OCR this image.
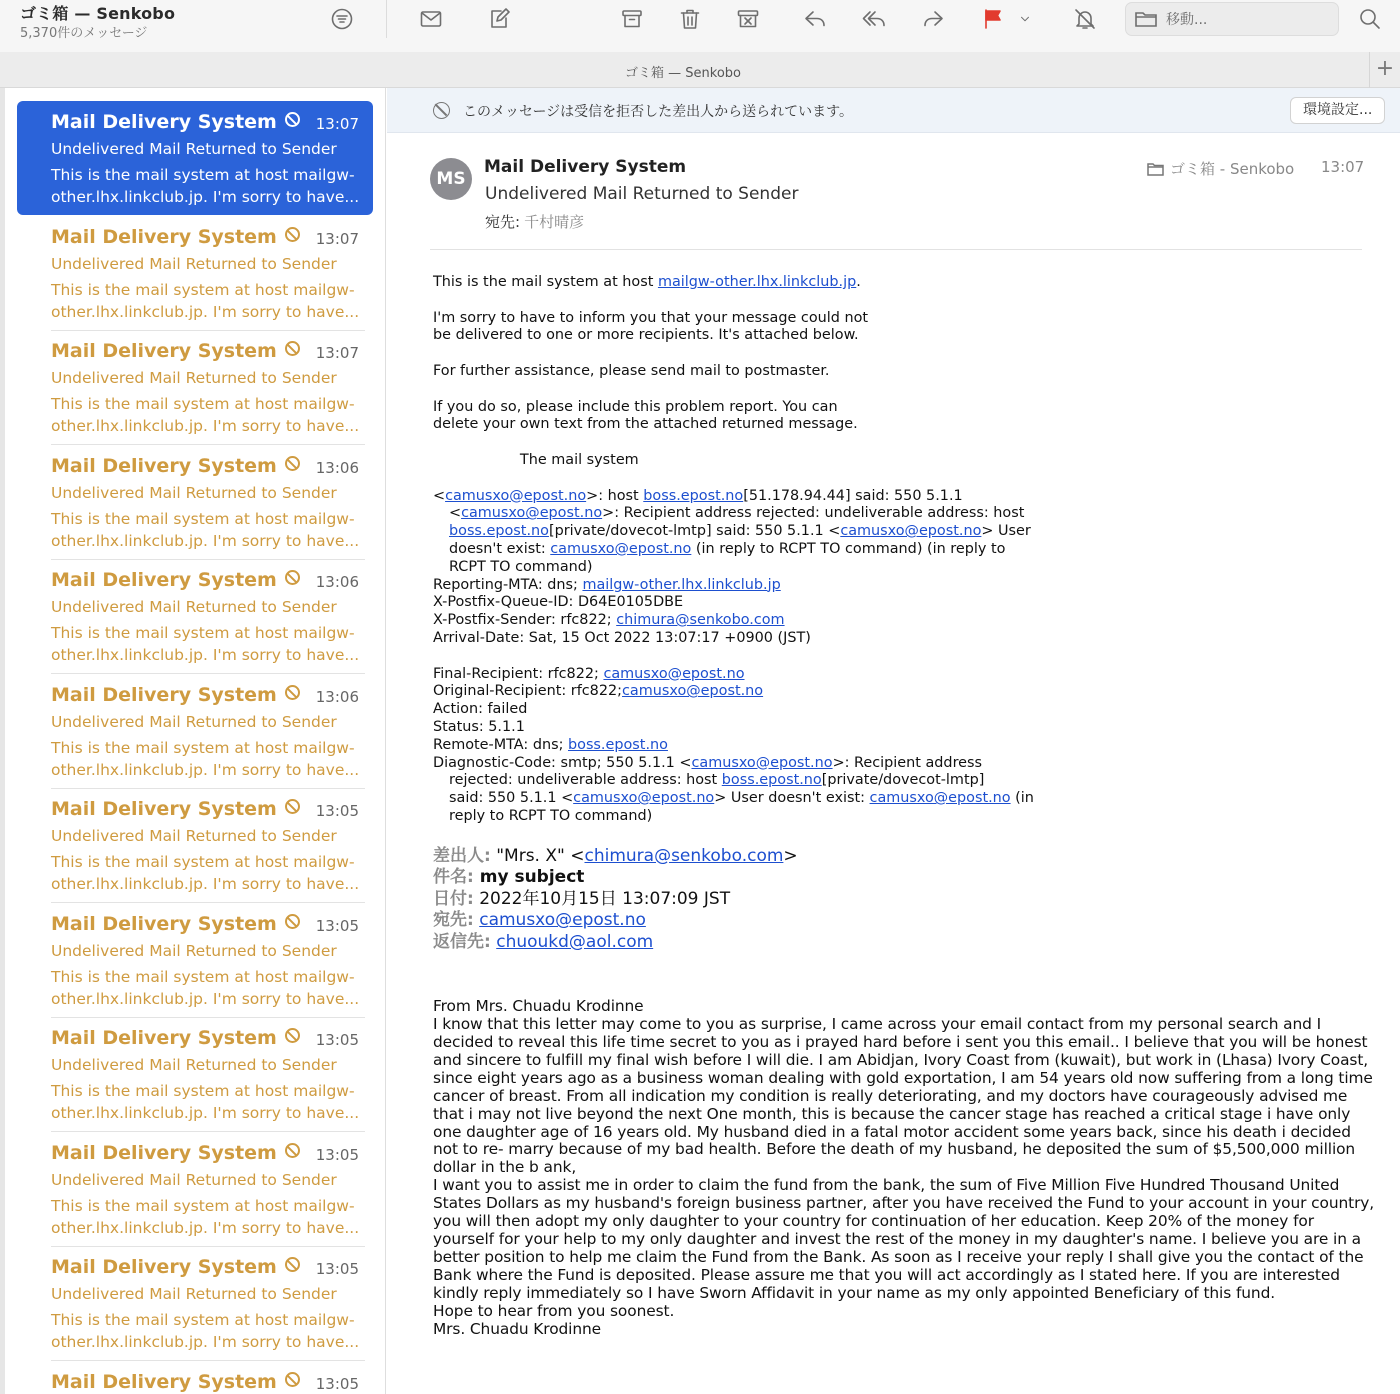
ゴミ箱 — Senkobo
5,370件のメッセージ
移動...
ゴミ箱 — Senkobo	+
Mail Delivery System	13:07
Undelivered Mail Returned to Sender
This is the mail system at host mailgw-other.lhx.linkclub.jp. I'm sorry to have...
Mail Delivery System	13:07
Undelivered Mail Returned to Sender
This is the mail system at host mailgw-other.lhx.linkclub.jp. I'm sorry to have...
Mail Delivery System	13:07
Undelivered Mail Returned to Sender
This is the mail system at host mailgw-other.lhx.linkclub.jp. I'm sorry to have...
Mail Delivery System	13:06
Undelivered Mail Returned to Sender
This is the mail system at host mailgw-other.lhx.linkclub.jp. I'm sorry to have...
Mail Delivery System	13:06
Undelivered Mail Returned to Sender
This is the mail system at host mailgw-other.lhx.linkclub.jp. I'm sorry to have...
Mail Delivery System	13:06
Undelivered Mail Returned to Sender
This is the mail system at host mailgw-other.lhx.linkclub.jp. I'm sorry to have...
Mail Delivery System	13:05
Undelivered Mail Returned to Sender
This is the mail system at host mailgw-other.lhx.linkclub.jp. I'm sorry to have...
Mail Delivery System	13:05
Undelivered Mail Returned to Sender
This is the mail system at host mailgw-other.lhx.linkclub.jp. I'm sorry to have...
Mail Delivery System	13:05
Undelivered Mail Returned to Sender
This is the mail system at host mailgw-other.lhx.linkclub.jp. I'm sorry to have...
Mail Delivery System	13:05
Undelivered Mail Returned to Sender
This is the mail system at host mailgw-other.lhx.linkclub.jp. I'm sorry to have...
Mail Delivery System	13:05
Undelivered Mail Returned to Sender
This is the mail system at host mailgw-other.lhx.linkclub.jp. I'm sorry to have...
Mail Delivery System	13:05
このメッセージは受信を拒否した差出人から送られています。	環境設定...
MS
Mail Delivery System
Undelivered Mail Returned to Sender
宛先: 千村晴彦
ゴミ箱 - Senkobo 13:07

This is the mail system at host mailgw-other.lhx.linkclub.jp.

I'm sorry to have to inform you that your message could not
be delivered to one or more recipients. It's attached below.

For further assistance, please send mail to postmaster.

If you do so, please include this problem report. You can
delete your own text from the attached returned message.

The mail system

<camusxo@epost.no>: host boss.epost.no[51.178.94.44] said: 550 5.1.1

<camusxo@epost.no>: Recipient address rejected: undeliverable address: host

boss.epost.no[private/dovecot-lmtp] said: 550 5.1.1 <camusxo@epost.no> User

doesn't exist: camusxo@epost.no (in reply to RCPT TO command) (in reply to

RCPT TO command)

Reporting-MTA: dns; mailgw-other.lhx.linkclub.jp

X-Postfix-Queue-ID: D64E0105DBE

X-Postfix-Sender: rfc822; chimura@senkobo.com

Arrival-Date: Sat, 15 Oct 2022 13:07:17 +0900 (JST)

Final-Recipient: rfc822; camusxo@epost.no

Original-Recipient: rfc822;camusxo@epost.no

Action: failed

Status: 5.1.1

Remote-MTA: dns; boss.epost.no

Diagnostic-Code: smtp; 550 5.1.1 <camusxo@epost.no>: Recipient address

rejected: undeliverable address: host boss.epost.no[private/dovecot-lmtp]

said: 550 5.1.1 <camusxo@epost.no> User doesn't exist: camusxo@epost.no (in

reply to RCPT TO command)

差出人: "Mrs. X" <chimura@senkobo.com>
件名: my subject
日付: 2022年10月15日 13:07:09 JST
宛先: camusxo@epost.no
返信先: chuoukd@aol.com

From Mrs. Chuadu Krodinne
I know that this letter may come to you as surprise, I came across your email contact from my personal search and I decided to reveal this life time secret to you as i prayed hard before i sent you this email.. I believe that you will be honest and sincere to fulfill my final wish before I will die. I am Abidjan, Ivory Coast from (kuwait), but work in (Lhasa) Ivory Coast, since eight years ago as a business woman dealing with gold exportation, I am 54 years old now suffering from a long time cancer of breast. From all indication my condition is really deteriorating, and my doctors have courageously advised me that i may not live beyond the next One month, this is because the cancer stage has reached a critical stage i have only one daughter age of 16 years old. My husband died in a fatal motor accident some years back, since his death i decided not to re- marry because of my bad health. Before the death of my husband, he deposited the sum of $5,500,000 million dollar in the b ank,
I want you to assist me in order to claim the fund from the bank, the sum of Five Million Five Hundred Thousand United States Dollars as my husband's foreign business partner, after you have received the Fund to your account in your country, you will then adopt my only daughter to your country for continuation of her education. Keep 20% of the money for yourself for your help to my only daughter and invest the rest of the money in my daughter's name. I believe you are in a better position to help me claim the Fund from the Bank. As soon as I receive your reply I shall give you the contact of the Bank where the Fund is deposited. Please assure me that you will act accordingly as I stated here. If you are interested kindly reply immediately so I have Sworn Affidavit in your name as my only appointed Beneficiary of this fund.
Hope to hear from you soonest.
Mrs. Chuadu Krodinne
